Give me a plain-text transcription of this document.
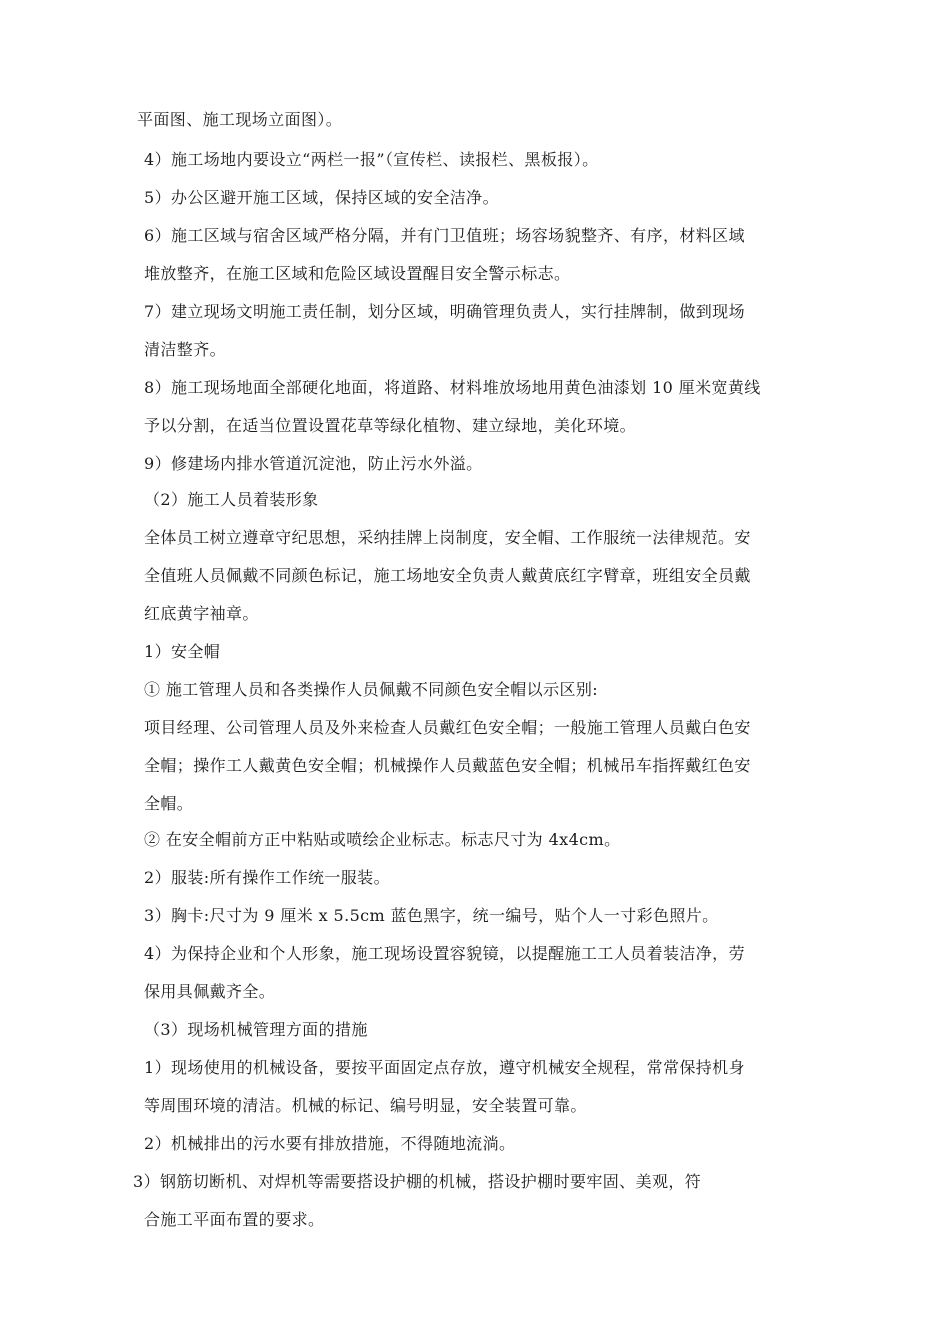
平面图、施工现场立面图）。
4）施工场地内要设立“两栏一报”（宣传栏、读报栏、黑板报）。
5）办公区避开施工区域，保持区域的安全洁净。
6）施工区域与宿舍区域严格分隔，并有门卫值班；场容场貌整齐、有序，材料区域
堆放整齐，在施工区域和危险区域设置醒目安全警示标志。
7）建立现场文明施工责任制，划分区域，明确管理负责人，实行挂牌制，做到现场
清洁整齐。
8）施工现场地面全部硬化地面，将道路、材料堆放场地用黄色油漆划 10 厘米宽黄线
予以分割，在适当位置设置花草等绿化植物、建立绿地，美化环境。
9）修建场内排水管道沉淀池，防止污水外溢。
（2）施工人员着装形象
全体员工树立遵章守纪思想，采纳挂牌上岗制度，安全帽、工作服统一法律规范。安
全值班人员佩戴不同颜色标记，施工场地安全负责人戴黄底红字臂章，班组安全员戴
红底黄字袖章。
1）安全帽
① 施工管理人员和各类操作人员佩戴不同颜色安全帽以示区别:
项目经理、公司管理人员及外来检查人员戴红色安全帽；一般施工管理人员戴白色安
全帽；操作工人戴黄色安全帽；机械操作人员戴蓝色安全帽；机械吊车指挥戴红色安
全帽。
② 在安全帽前方正中粘贴或喷绘企业标志。标志尺寸为 4x4cm。
2）服装:所有操作工作统一服装。
3）胸卡:尺寸为 9 厘米 x 5.5cm 蓝色黑字，统一编号，贴个人一寸彩色照片。
4）为保持企业和个人形象，施工现场设置容貌镜，以提醒施工工人员着装洁净，劳
保用具佩戴齐全。
（3）现场机械管理方面的措施
1）现场使用的机械设备，要按平面固定点存放，遵守机械安全规程，常常保持机身
等周围环境的清洁。机械的标记、编号明显，安全装置可靠。
2）机械排出的污水要有排放措施，不得随地流淌。
3）钢筋切断机、对焊机等需要搭设护棚的机械，搭设护棚时要牢固、美观，符
合施工平面布置的要求。
